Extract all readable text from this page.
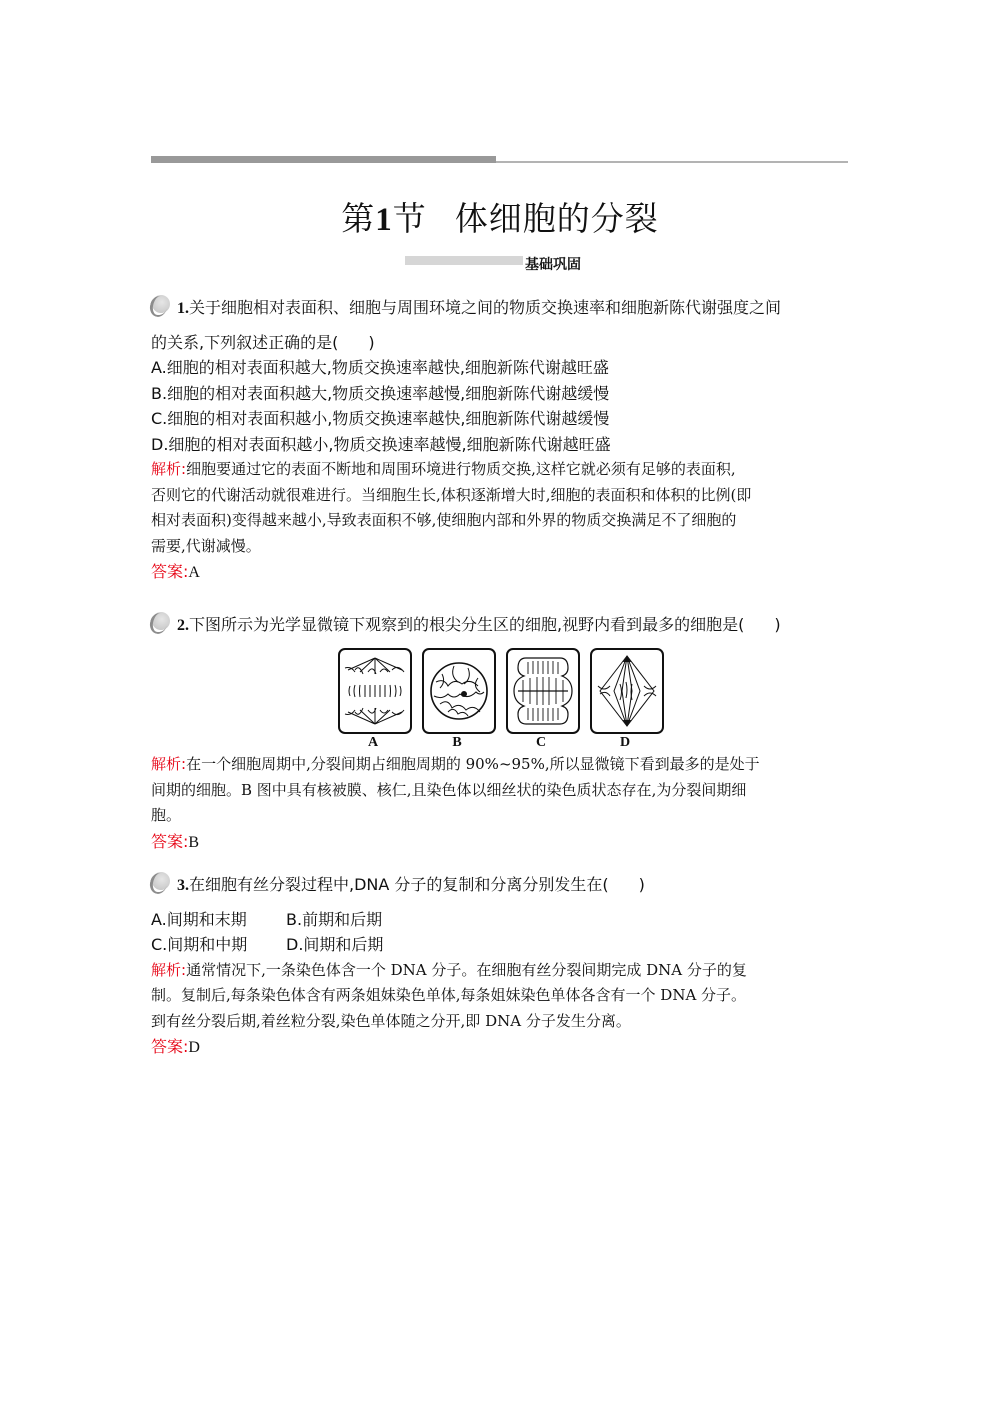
第1节 体细胞的分裂
基础巩固
1.关于细胞相对表面积、细胞与周围环境之间的物质交换速率和细胞新陈代谢强度之间
的关系,下列叙述正确的是( )
A.细胞的相对表面积越大,物质交换速率越快,细胞新陈代谢越旺盛
B.细胞的相对表面积越大,物质交换速率越慢,细胞新陈代谢越缓慢
C.细胞的相对表面积越小,物质交换速率越快,细胞新陈代谢越缓慢
D.细胞的相对表面积越小,物质交换速率越慢,细胞新陈代谢越旺盛
解析:细胞要通过它的表面不断地和周围环境进行物质交换,这样它就必须有足够的表面积,
否则它的代谢活动就很难进行。当细胞生长,体积逐渐增大时,细胞的表面积和体积的比例(即
相对表面积)变得越来越小,导致表面积不够,使细胞内部和外界的物质交换满足不了细胞的
需要,代谢减慢。
答案:A
2.下图所示为光学显微镜下观察到的根尖分生区的细胞,视野内看到最多的细胞是( )
A	B	C	D
解析:在一个细胞周期中,分裂间期占细胞周期的 90%~95%,所以显微镜下看到最多的是处于
间期的细胞。B 图中具有核被膜、核仁,且染色体以细丝状的染色质状态存在,为分裂间期细
胞。
答案:B
3.在细胞有丝分裂过程中,DNA 分子的复制和分离分别发生在( )
A.间期和末期	B.前期和后期
C.间期和中期	D.间期和后期
解析:通常情况下,一条染色体含一个 DNA 分子。在细胞有丝分裂间期完成 DNA 分子的复
制。复制后,每条染色体含有两条姐妹染色单体,每条姐妹染色单体各含有一个 DNA 分子。
到有丝分裂后期,着丝粒分裂,染色单体随之分开,即 DNA 分子发生分离。
答案:D
